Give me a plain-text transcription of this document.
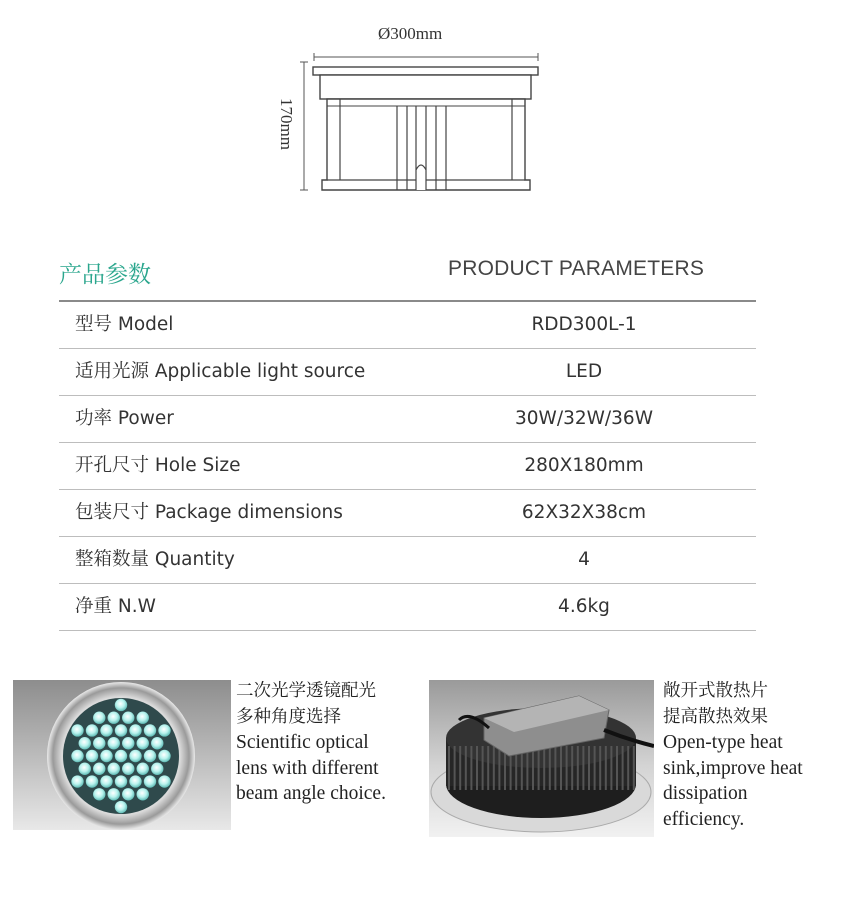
Ø300mm
170mm
产品参数	PRODUCT PARAMETERS
型号 Model	RDD300L-1
适用光源 Applicable light source	LED
功率 Power	30W/32W/36W
开孔尺寸 Hole Size	280X180mm
包装尺寸 Package dimensions	62X32X38cm
整箱数量 Quantity	4
净重 N.W	4.6kg
二次光学透镜配光
多种角度选择
Scientific optical
lens with different
beam angle choice.
敞开式散热片
提高散热效果
Open-type heat
sink,improve heat
dissipation
efficiency.
